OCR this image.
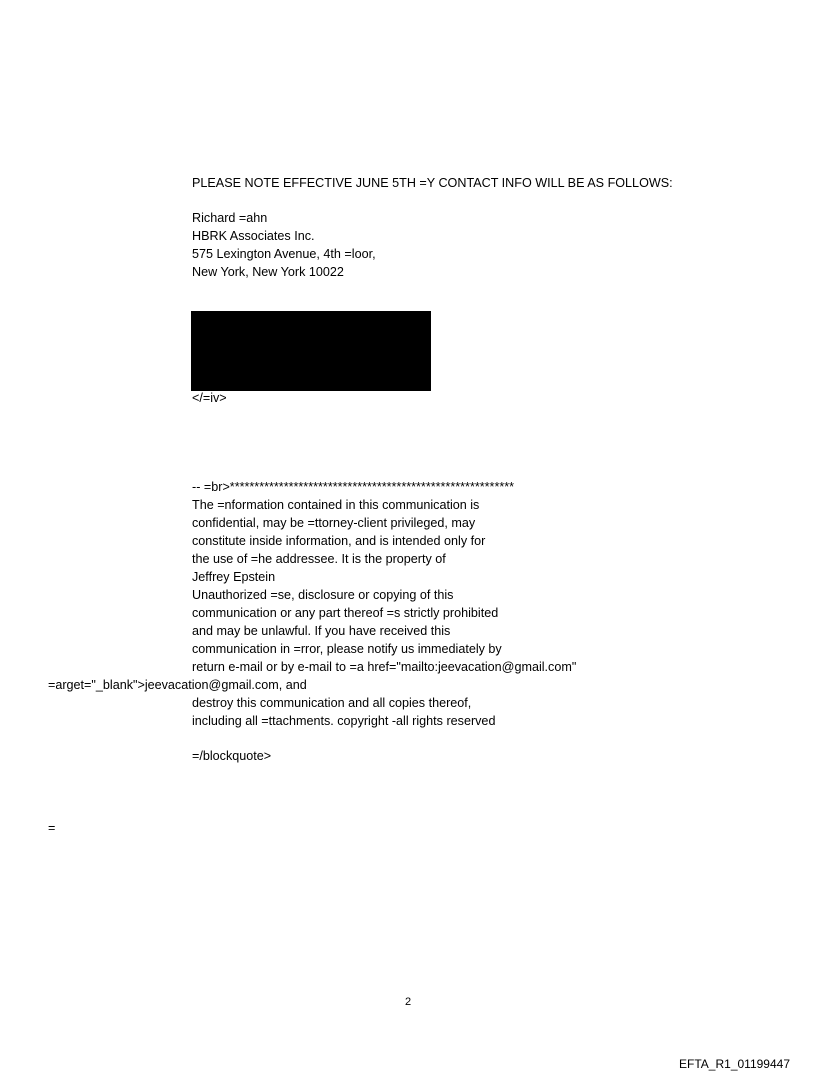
PLEASE NOTE EFFECTIVE JUNE 5TH =Y CONTACT INFO WILL BE AS FOLLOWS:
Richard =ahn
HBRK Associates Inc.
575 Lexington Avenue, 4th =loor,
New York, New York 10022
</=iv>
-- =br>**********************************************************
The =nformation contained in this communication is
confidential, may be =ttorney-client privileged, may
constitute inside information, and is intended only for
the use of =he addressee. It is the property of
Jeffrey Epstein
Unauthorized =se, disclosure or copying of this
communication or any part thereof =s strictly prohibited
and may be unlawful. If you have received this
communication in =rror, please notify us immediately by
return e-mail or by e-mail to =a href="mailto:jeevacation@gmail.com"
=arget="_blank">jeevacation@gmail.com, and
destroy this communication and all copies thereof,
including all =ttachments. copyright -all rights reserved
=/blockquote>
=
2
EFTA_R1_01199447
